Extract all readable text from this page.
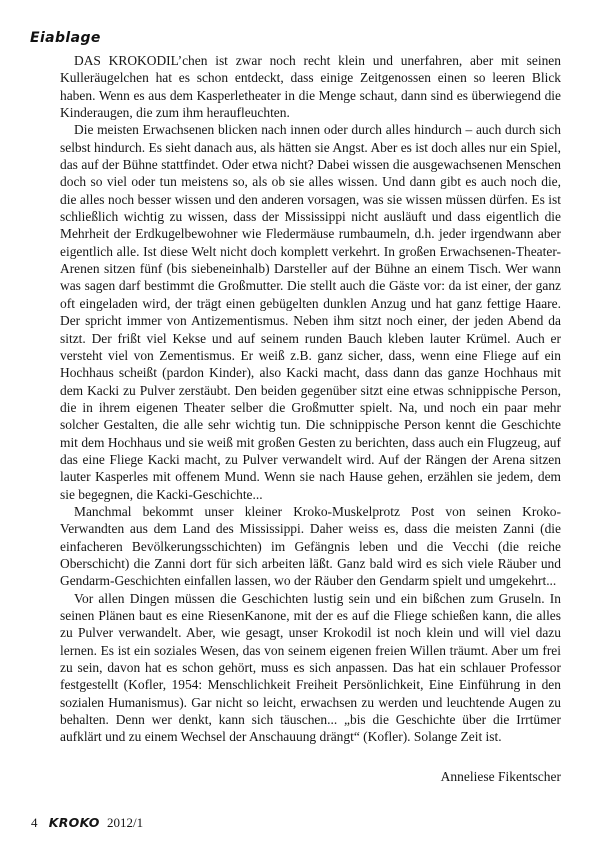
Eiablage

DAS KROKODIL’chen ist zwar noch recht klein und unerfahren, aber mit seinen Kulleräugelchen hat es schon entdeckt, dass einige Zeitgenossen einen so leeren Blick haben. Wenn es aus dem Kasperletheater in die Menge schaut, dann sind es überwiegend die Kinderaugen, die zum ihm heraufleuchten.

Die meisten Erwachsenen blicken nach innen oder durch alles hindurch – auch durch sich selbst hindurch. Es sieht danach aus, als hätten sie Angst. Aber es ist doch alles nur ein Spiel, das auf der Bühne stattfindet. Oder etwa nicht? Dabei wissen die ausgewachsenen Menschen doch so viel oder tun meistens so, als ob sie alles wissen. Und dann gibt es auch noch die, die alles noch besser wissen und den anderen vorsagen, was sie wissen müssen dürfen. Es ist schließlich wichtig zu wissen, dass der Mississippi nicht ausläuft und dass eigentlich die Mehrheit der Erdkugelbewohner wie Fledermäuse rumbaumeln, d.h. jeder irgendwann aber eigentlich alle. Ist diese Welt nicht doch komplett verkehrt. In großen Erwachsenen-Theater-Arenen sitzen fünf (bis siebeneinhalb) Darsteller auf der Bühne an einem Tisch. Wer wann was sagen darf bestimmt die Großmutter. Die stellt auch die Gäste vor: da ist einer, der ganz oft eingeladen wird, der trägt einen gebügelten dunklen Anzug und hat ganz fettige Haare. Der spricht immer von Antizementismus. Neben ihm sitzt noch einer, der jeden Abend da sitzt. Der frißt viel Kekse und auf seinem runden Bauch kleben lauter Krümel. Auch er versteht viel von Zementismus. Er weiß z.B. ganz sicher, dass, wenn eine Fliege auf ein Hochhaus scheißt (pardon Kinder), also Kacki macht, dass dann das ganze Hochhaus mit dem Kacki zu Pulver zerstäubt. Den beiden gegenüber sitzt eine etwas schnippische Person, die in ihrem eigenen Theater selber die Großmutter spielt. Na, und noch ein paar mehr solcher Gestalten, die alle sehr wichtig tun. Die schnippische Person kennt die Geschichte mit dem Hochhaus und sie weiß mit großen Gesten zu berichten, dass auch ein Flugzeug, auf das eine Fliege Kacki macht, zu Pulver verwandelt wird. Auf der Rängen der Arena sitzen lauter Kasperles mit offenem Mund. Wenn sie nach Hause gehen, erzählen sie jedem, dem sie begegnen, die Kacki-Geschichte...

Manchmal bekommt unser kleiner Kroko-Muskelprotz Post von seinen Kroko-Verwandten aus dem Land des Mississippi. Daher weiss es, dass die meisten Zanni (die einfacheren Bevölkerungsschichten) im Gefängnis leben und die Vecchi (die reiche Oberschicht) die Zanni dort für sich arbeiten läßt. Ganz bald wird es sich viele Räuber und Gendarm-Geschichten einfallen lassen, wo der Räuber den Gendarm spielt und umgekehrt...

Vor allen Dingen müssen die Geschichten lustig sein und ein bißchen zum Gruseln. In seinen Plänen baut es eine RiesenKanone, mit der es auf die Fliege schießen kann, die alles zu Pulver verwandelt. Aber, wie gesagt, unser Krokodil ist noch klein und will viel dazu lernen. Es ist ein soziales Wesen, das von seinem eigenen freien Willen träumt. Aber um frei zu sein, davon hat es schon gehört, muss es sich anpassen. Das hat ein schlauer Professor festgestellt (Kofler, 1954: Menschlichkeit Freiheit Persönlichkeit, Eine Einführung in den sozialen Humanismus). Gar nicht so leicht, erwachsen zu werden und leuchtende Augen zu behalten. Denn wer denkt, kann sich täuschen... „bis die Geschichte über die Irrtümer aufklärt und zu einem Wechsel der Anschauung drängt“ (Kofler). Solange Zeit ist.

Anneliese Fikentscher
4 KROKO 2012/1
